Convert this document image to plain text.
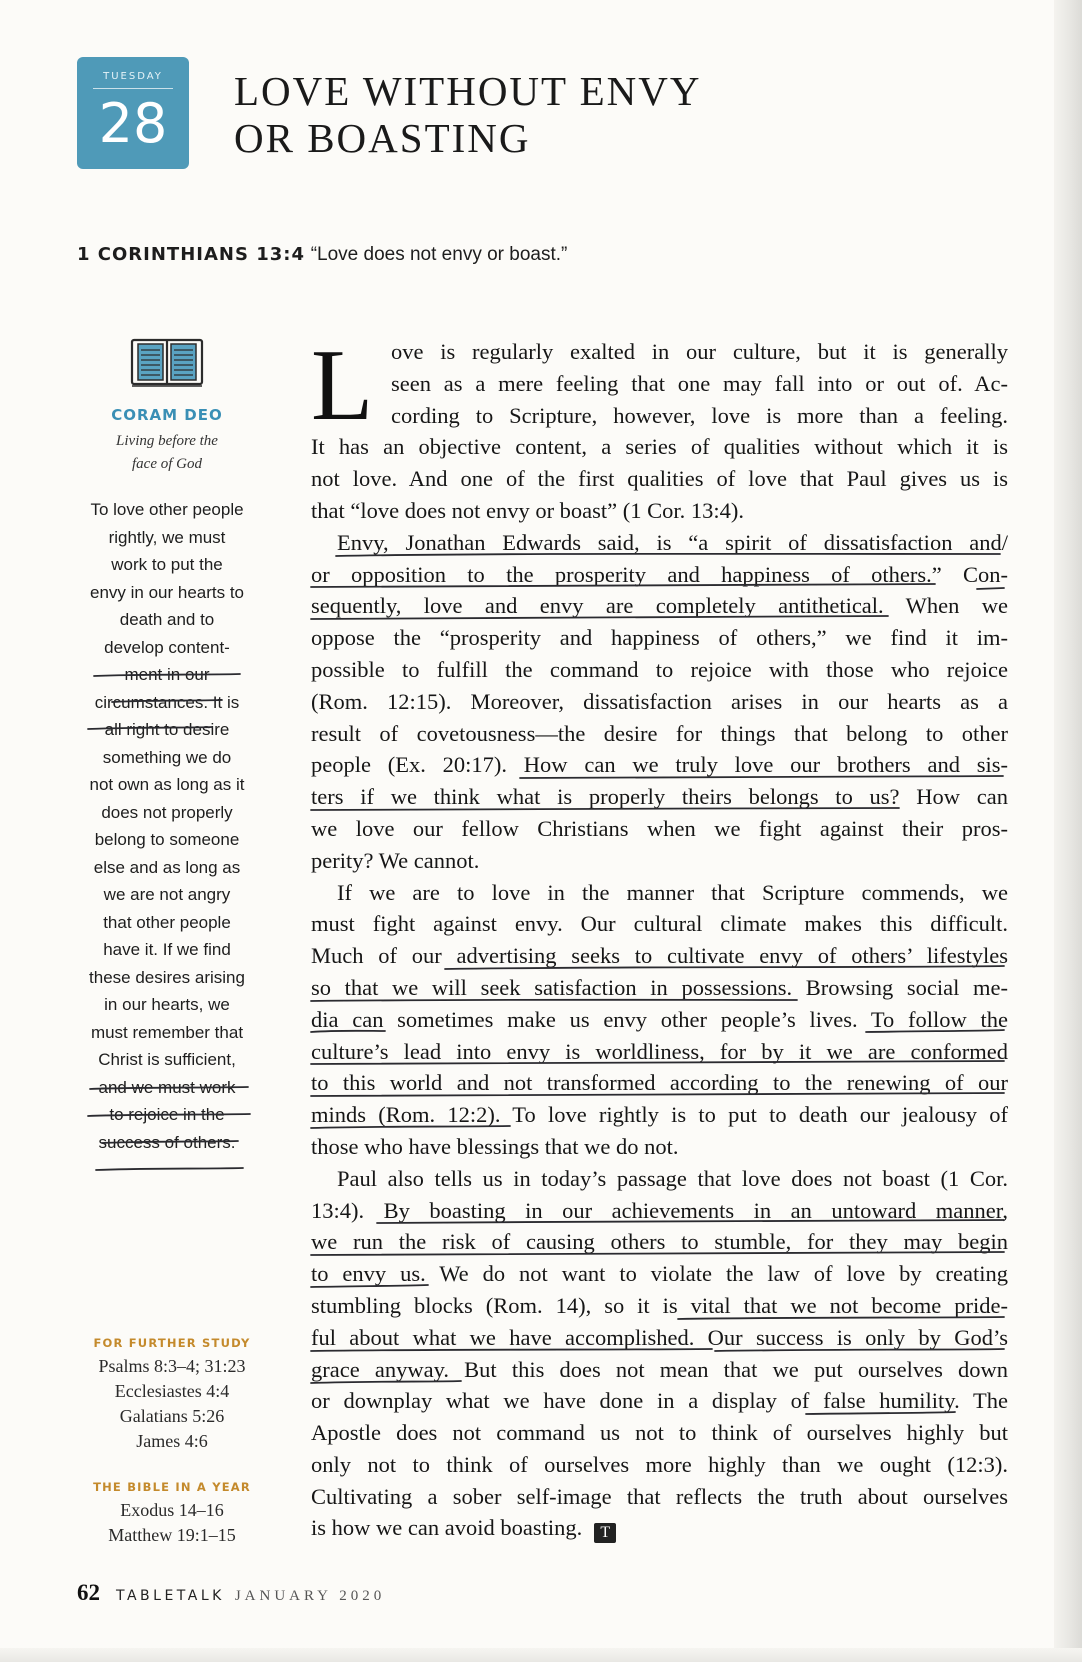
TUESDAY
28
LOVE WITHOUT ENVY
OR BOASTING
1 CORINTHIANS 13:4 “Love does not envy or boast.”
CORAM DEO
Living before the
face of God
To love other people
rightly, we must
work to put the
envy in our hearts to
death and to
develop content-
ment in our
circumstances. It is
all right to desire
something we do
not own as long as it
does not properly
belong to someone
else and as long as
we are not angry
that other people
have it. If we find
these desires arising
in our hearts, we
must remember that
Christ is sufficient,
and we must work
to rejoice in the
success of others.
FOR FURTHER STUDY
Psalms 8:3–4; 31:23
Ecclesiastes 4:4
Galatians 5:26
James 4:6
THE BIBLE IN A YEAR
Exodus 14–16
Matthew 19:1–15
L ove is regularly exalted in our culture, but it is generally
seen as a mere feeling that one may fall into or out of. Ac-
cording to Scripture, however, love is more than a feeling.
It has an objective content, a series of qualities without which it is
not love. And one of the first qualities of love that Paul gives us is
that “love does not envy or boast” (1 Cor. 13:4).
Envy, Jonathan Edwards said, is “a spirit of dissatisfaction and/
or opposition to the prosperity and happiness of others.” Con-
sequently, love and envy are completely antithetical. When we
oppose the “prosperity and happiness of others,” we find it im-
possible to fulfill the command to rejoice with those who rejoice
(Rom. 12:15). Moreover, dissatisfaction arises in our hearts as a
result of covetousness—the desire for things that belong to other
people (Ex. 20:17). How can we truly love our brothers and sis-
ters if we think what is properly theirs belongs to us? How can
we love our fellow Christians when we fight against their pros-
perity? We cannot.
If we are to love in the manner that Scripture commends, we
must fight against envy. Our cultural climate makes this difficult.
Much of our advertising seeks to cultivate envy of others’ lifestyles
so that we will seek satisfaction in possessions. Browsing social me-
dia can sometimes make us envy other people’s lives. To follow the
culture’s lead into envy is worldliness, for by it we are conformed
to this world and not transformed according to the renewing of our
minds (Rom. 12:2). To love rightly is to put to death our jealousy of
those who have blessings that we do not.
Paul also tells us in today’s passage that love does not boast (1 Cor.
13:4). By boasting in our achievements in an untoward manner,
we run the risk of causing others to stumble, for they may begin
to envy us. We do not want to violate the law of love by creating
stumbling blocks (Rom. 14), so it is vital that we not become pride-
ful about what we have accomplished. Our success is only by God’s
grace anyway. But this does not mean that we put ourselves down
or downplay what we have done in a display of false humility. The
Apostle does not command us not to think of ourselves highly but
only not to think of ourselves more highly than we ought (12:3).
Cultivating a sober self-image that reflects the truth about ourselves
is how we can avoid boasting. T
62 TABLETALK JANUARY 2020
